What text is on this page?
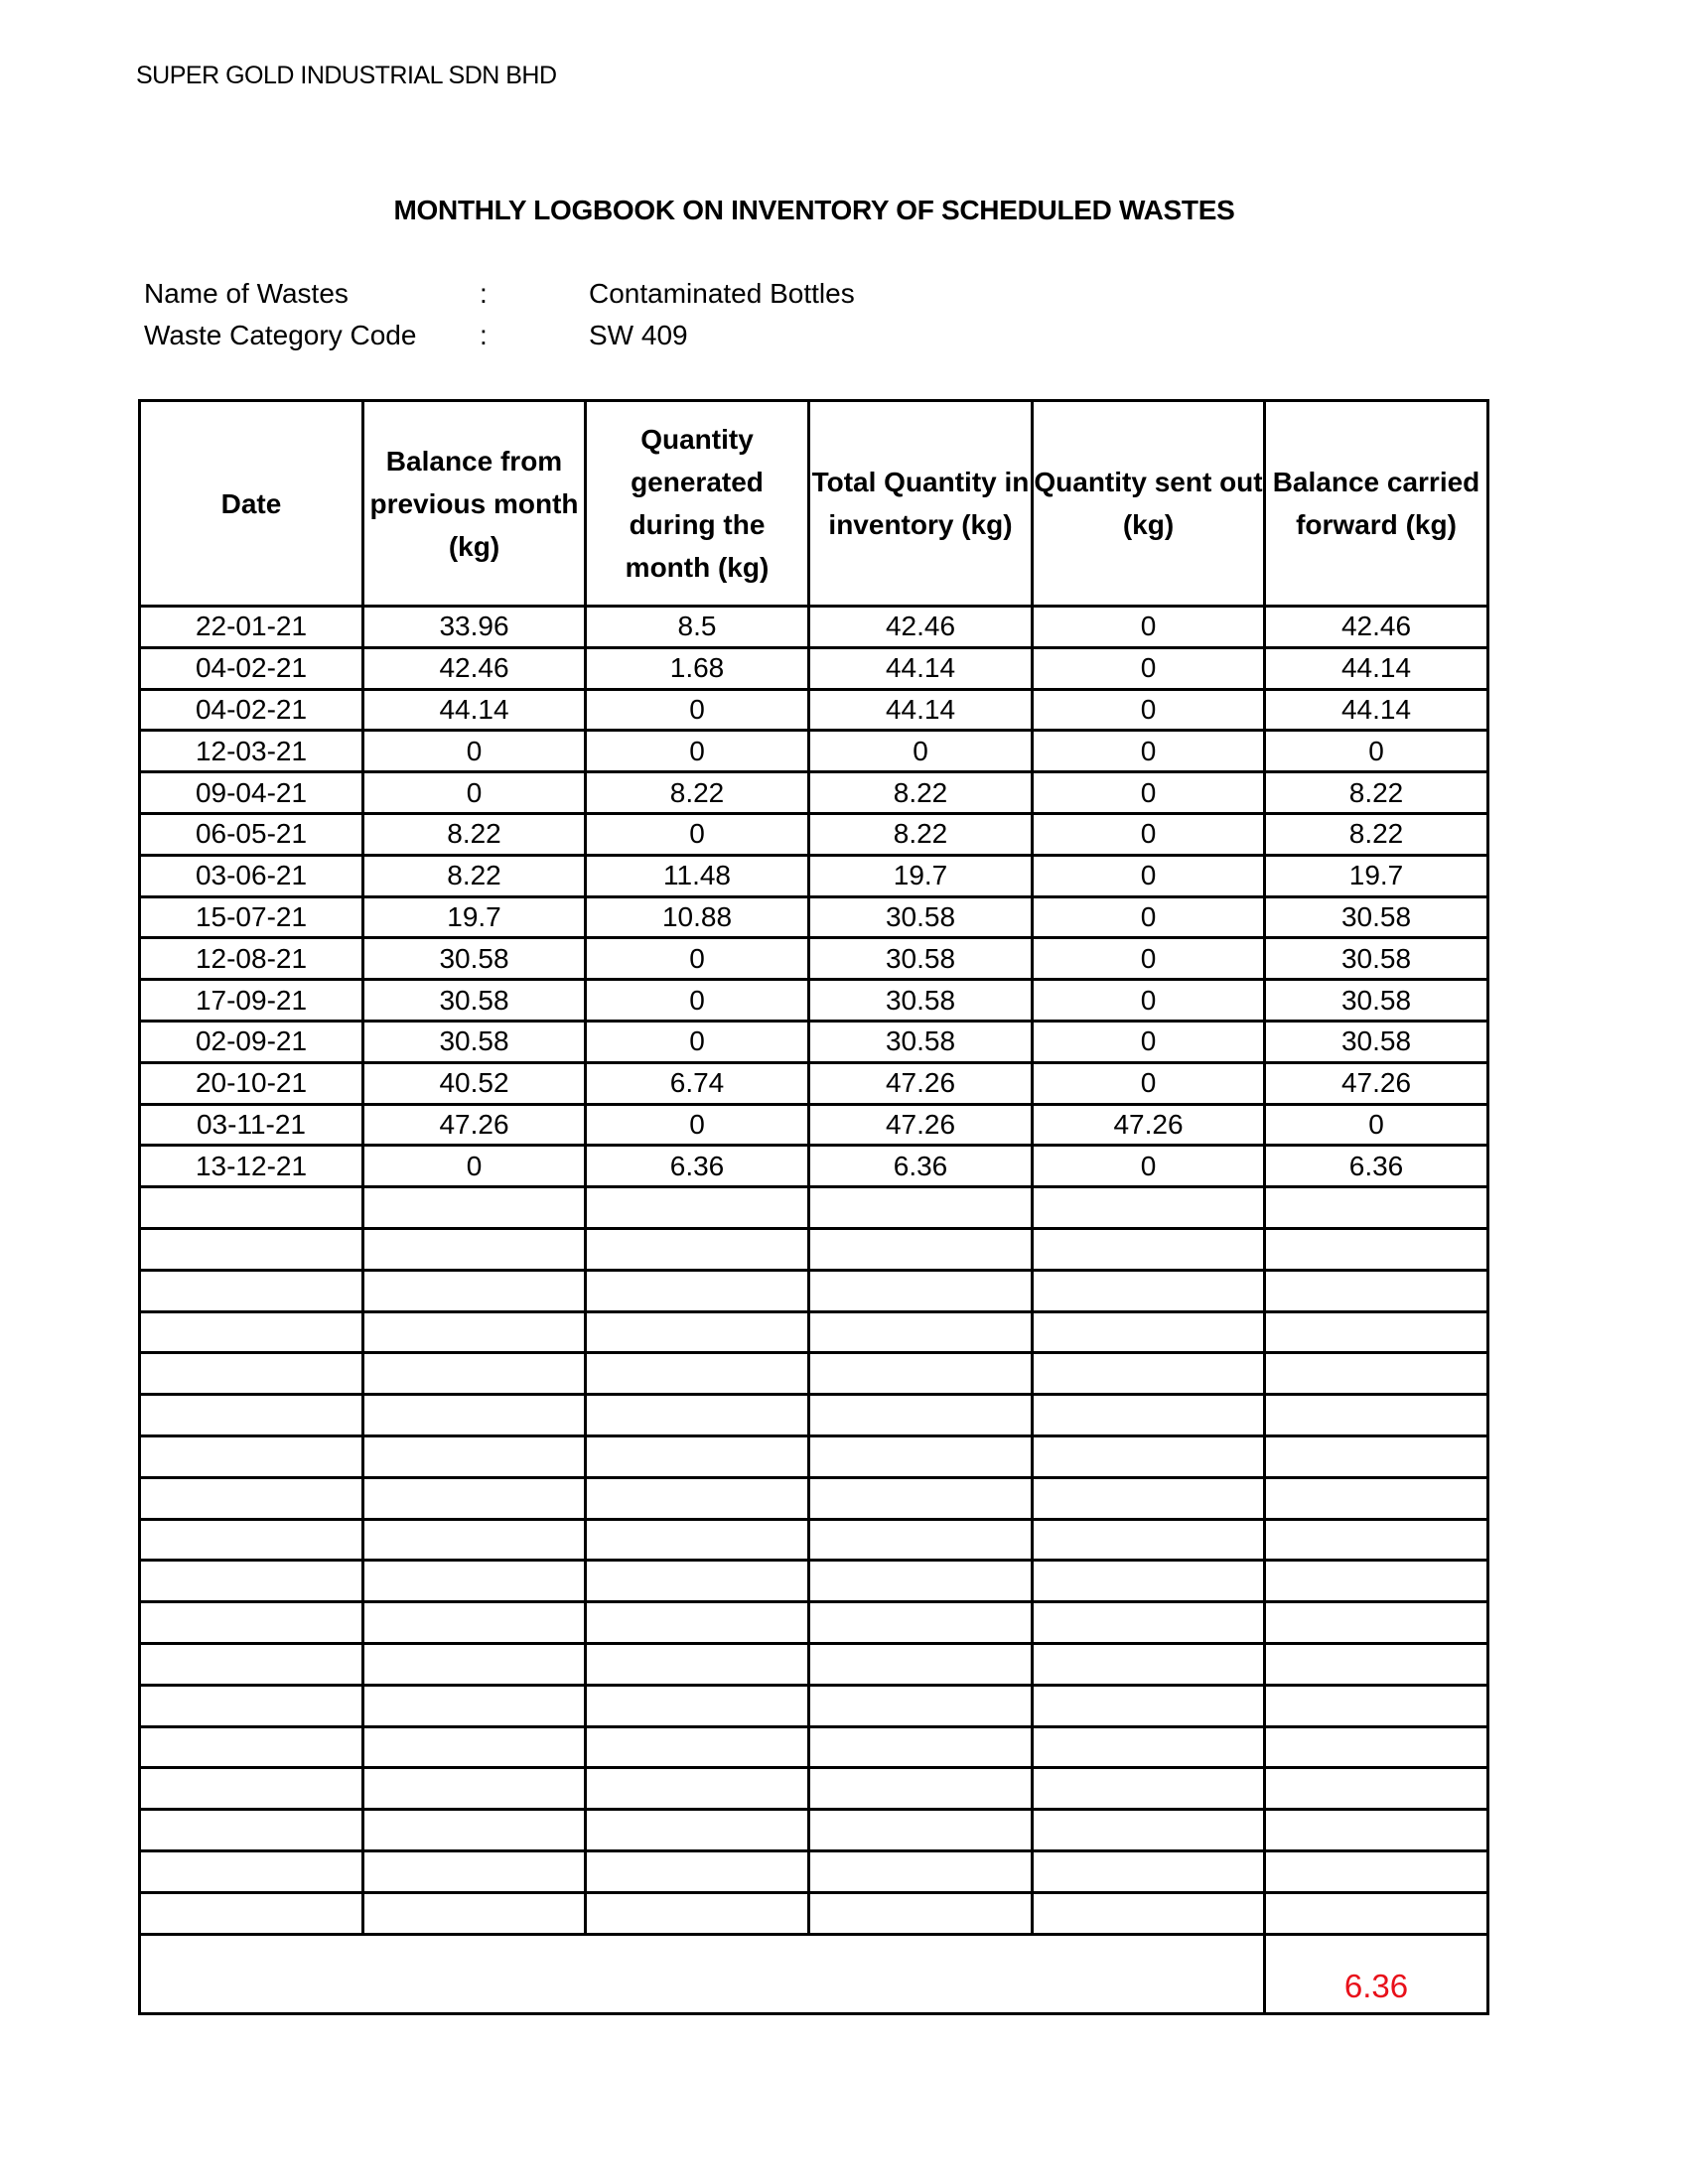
SUPER GOLD INDUSTRIAL SDN BHD
MONTHLY LOGBOOK ON INVENTORY OF SCHEDULED WASTES
Name of Wastes	:	Contaminated Bottles
Waste Category Code :	SW 409
Date	Balance from previous month (kg)	Quantity generated during the month (kg)	Total Quantity in inventory (kg)	Quantity sent out (kg)	Balance carried forward (kg)
22-01-21	33.96	8.5	42.46	0	42.46
04-02-21	42.46	1.68	44.14	0	44.14
04-02-21	44.14	0	44.14	0	44.14
12-03-21	0	0	0	0	0
09-04-21	0	8.22	8.22	0	8.22
06-05-21	8.22	0	8.22	0	8.22
03-06-21	8.22	11.48	19.7	0	19.7
15-07-21	19.7	10.88	30.58	0	30.58
12-08-21	30.58	0	30.58	0	30.58
17-09-21	30.58	0	30.58	0	30.58
02-09-21	30.58	0	30.58	0	30.58
20-10-21	40.52	6.74	47.26	0	47.26
03-11-21	47.26	0	47.26	47.26	0
13-12-21	0	6.36	6.36	0	6.36

					6.36
